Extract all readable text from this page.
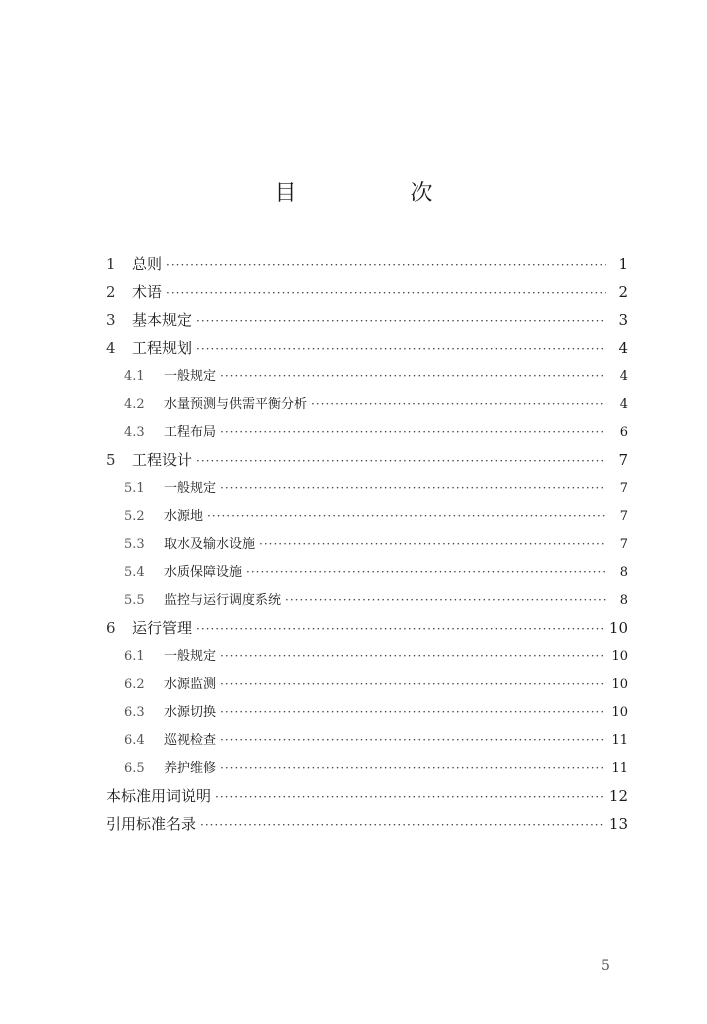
目　次
1	总则 ·····	1
2	术语 ·····	2
3	基本规定 ·····	3
4	工程规划 ·····	4
4.1	一般规定 ·····	4
4.2	水量预测与供需平衡分析 ·····	4
4.3	工程布局 ·····	6
5	工程设计 ·····	7
5.1	一般规定 ·····	7
5.2	水源地 ·····	7
5.3	取水及输水设施 ·····	7
5.4	水质保障设施 ·····	8
5.5	监控与运行调度系统 ·····	8
6	运行管理 ·····	10
6.1	一般规定 ·····	10
6.2	水源监测 ·····	10
6.3	水源切换 ·····	10
6.4	巡视检查 ·····	11
6.5	养护维修 ·····	11
本标准用词说明 ·····	12
引用标准名录 ·····	13
5
